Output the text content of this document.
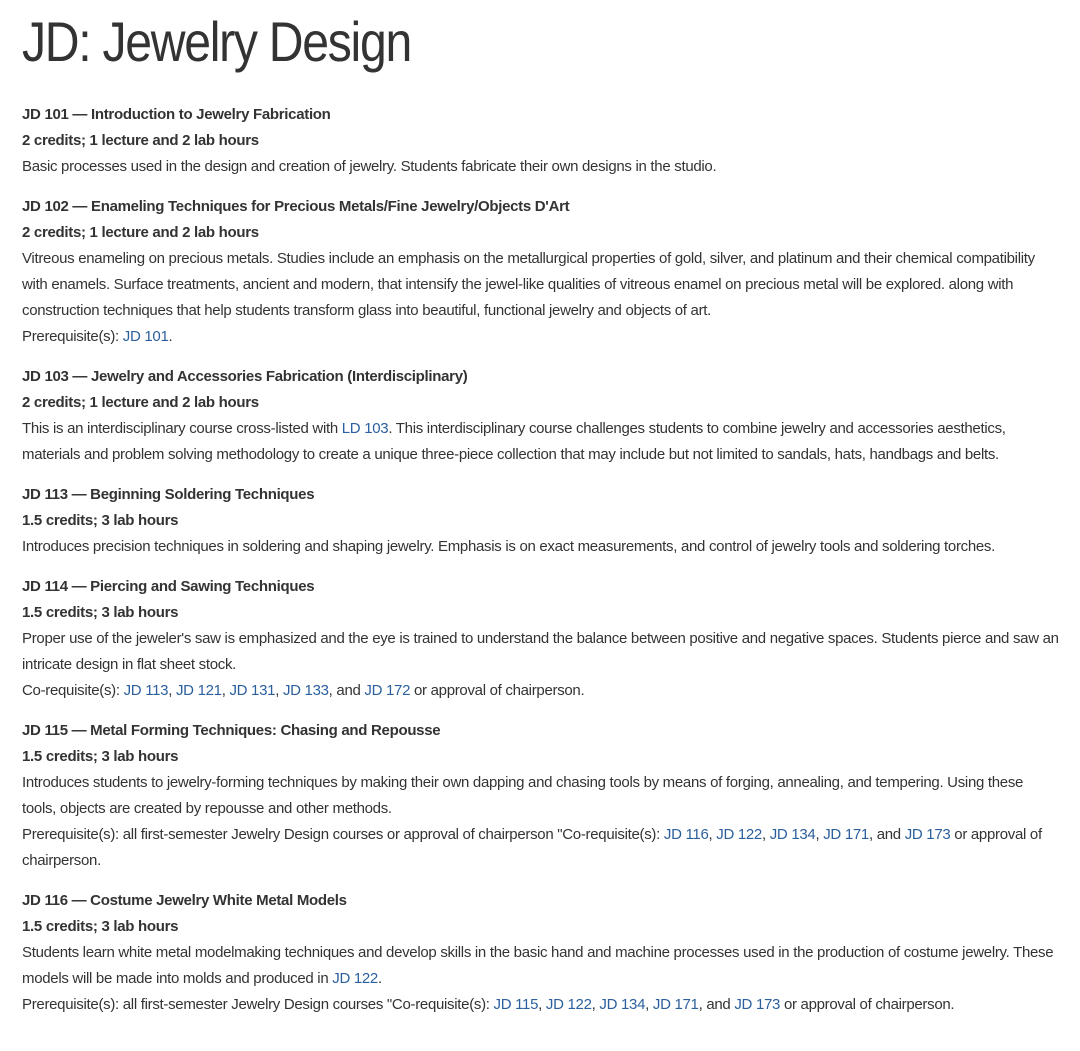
JD: Jewelry Design
JD 101 — Introduction to Jewelry Fabrication
2 credits; 1 lecture and 2 lab hours
Basic processes used in the design and creation of jewelry. Students fabricate their own designs in the studio.
JD 102 — Enameling Techniques for Precious Metals/Fine Jewelry/Objects D'Art
2 credits; 1 lecture and 2 lab hours
Vitreous enameling on precious metals. Studies include an emphasis on the metallurgical properties of gold, silver, and platinum and their chemical compatibility with enamels. Surface treatments, ancient and modern, that intensify the jewel-like qualities of vitreous enamel on precious metal will be explored. along with construction techniques that help students transform glass into beautiful, functional jewelry and objects of art.
Prerequisite(s): JD 101.
JD 103 — Jewelry and Accessories Fabrication (Interdisciplinary)
2 credits; 1 lecture and 2 lab hours
This is an interdisciplinary course cross-listed with LD 103. This interdisciplinary course challenges students to combine jewelry and accessories aesthetics, materials and problem solving methodology to create a unique three-piece collection that may include but not limited to sandals, hats, handbags and belts.
JD 113 — Beginning Soldering Techniques
1.5 credits; 3 lab hours
Introduces precision techniques in soldering and shaping jewelry. Emphasis is on exact measurements, and control of jewelry tools and soldering torches.
JD 114 — Piercing and Sawing Techniques
1.5 credits; 3 lab hours
Proper use of the jeweler's saw is emphasized and the eye is trained to understand the balance between positive and negative spaces. Students pierce and saw an intricate design in flat sheet stock.
Co-requisite(s): JD 113, JD 121, JD 131, JD 133, and JD 172 or approval of chairperson.
JD 115 — Metal Forming Techniques: Chasing and Repousse
1.5 credits; 3 lab hours
Introduces students to jewelry-forming techniques by making their own dapping and chasing tools by means of forging, annealing, and tempering. Using these tools, objects are created by repousse and other methods.
Prerequisite(s): all first-semester Jewelry Design courses or approval of chairperson "Co-requisite(s): JD 116, JD 122, JD 134, JD 171, and JD 173 or approval of chairperson.
JD 116 — Costume Jewelry White Metal Models
1.5 credits; 3 lab hours
Students learn white metal modelmaking techniques and develop skills in the basic hand and machine processes used in the production of costume jewelry. These models will be made into molds and produced in JD 122.
Prerequisite(s): all first-semester Jewelry Design courses "Co-requisite(s): JD 115, JD 122, JD 134, JD 171, and JD 173 or approval of chairperson.
